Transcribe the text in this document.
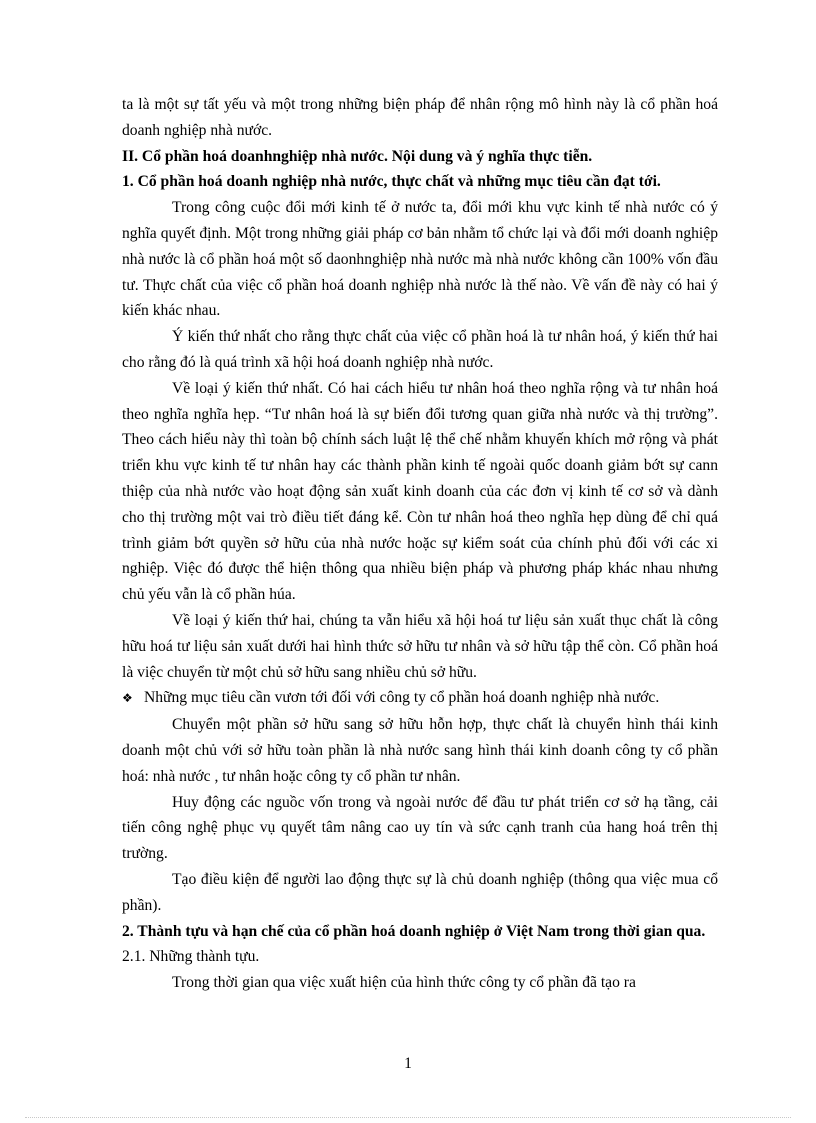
ta là một sự tất yếu và một trong những biện pháp để nhân rộng mô hình này là cổ phần hoá doanh nghiệp nhà nước.

II. Cổ phần hoá doanhnghiệp nhà nước. Nội dung và ý nghĩa thực tiễn.

1. Cổ phần hoá doanh nghiệp nhà nước, thực chất và những mục tiêu cần đạt tới.

Trong công cuộc đổi mới kinh tế ở nước ta, đổi mới khu vực kinh tế nhà nước có ý nghĩa quyết định. Một trong những giải pháp cơ bản nhằm tổ chức lại và đổi mới doanh nghiệp nhà nước là cổ phần hoá một số daonhnghiệp nhà nước mà nhà nước không cần 100% vốn đầu tư. Thực chất của việc cổ phần hoá doanh nghiệp nhà nước là thế nào. Về vấn đề này có hai ý kiến khác nhau.

Ý kiến thứ nhất cho rằng thực chất của việc cổ phần hoá là tư nhân hoá, ý kiến thứ hai cho rằng đó là quá trình xã hội hoá doanh nghiệp nhà nước.

Về loại ý kiến thứ nhất. Có hai cách hiểu tư nhân hoá theo nghĩa rộng và tư nhân hoá theo nghĩa nghĩa hẹp. “Tư nhân hoá là sự biến đổi tương quan giữa nhà nước và thị trường”. Theo cách hiểu này thì toàn bộ chính sách luật lệ thể chế nhằm khuyến khích mở rộng và phát triển khu vực kinh tế tư nhân hay các thành phần kinh tế ngoài quốc doanh giảm bớt sự cann thiệp của nhà nước vào hoạt động sản xuất kinh doanh của các đơn vị kinh tế cơ sở và dành cho thị trường một vai trò điều tiết đáng kể. Còn tư nhân hoá theo nghĩa hẹp dùng để chỉ quá trình giảm bớt quyền sở hữu của nhà nước hoặc sự kiểm soát của chính phủ đối với các xi nghiệp. Việc đó được thể hiện thông qua nhiều biện pháp và phương pháp khác nhau nhưng chủ yếu vẫn là cổ phần húa.

Về loại ý kiến thứ hai, chúng ta vẫn hiểu xã hội hoá tư liệu sản xuất thục chất là công hữu hoá tư liệu sản xuất dưới hai hình thức sở hữu tư nhân và sở hữu tập thể còn. Cổ phần hoá là việc chuyển từ một chủ sở hữu sang nhiều chủ sở hữu.

❖ Những mục tiêu cần vươn tới đối với công ty cổ phần hoá doanh nghiệp nhà nước.

Chuyển một phần sở hữu sang sở hữu hỗn hợp, thực chất là chuyển hình thái kinh doanh một chủ với sở hữu toàn phần là nhà nước sang hình thái kinh doanh công ty cổ phần hoá: nhà nước , tư nhân hoặc công ty cổ phần tư nhân.

Huy động các nguồc vốn trong và ngoài nước để đầu tư phát triển cơ sở hạ tầng, cải tiến công nghệ phục vụ quyết tâm nâng cao uy tín và sức cạnh tranh của hang hoá trên thị trường.

Tạo điều kiện để người lao động thực sự là chủ doanh nghiệp (thông qua việc mua cổ phần).

2. Thành tựu và hạn chế của cổ phần hoá doanh nghiệp ở Việt Nam trong thời gian qua.

2.1. Những thành tựu.

Trong thời gian qua việc xuất hiện của hình thức công ty cổ phần đã tạo ra

1
